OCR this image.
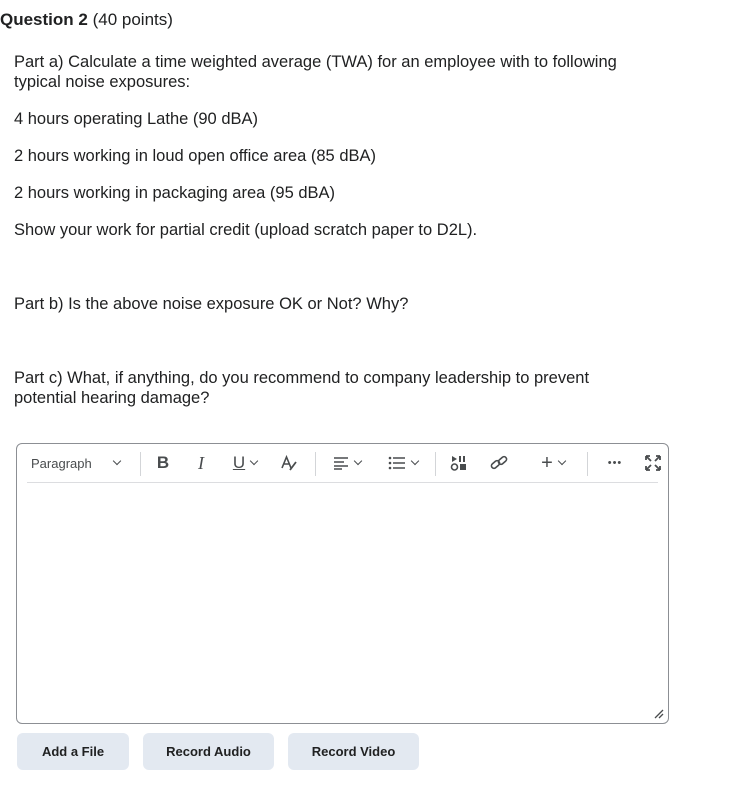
Question 2 (40 points)
Part a) Calculate a time weighted average (TWA) for an employee with to following
typical noise exposures:
4 hours operating Lathe (90 dBA)
2 hours working in loud open office area (85 dBA)
2 hours working in packaging area (95 dBA)
Show your work for partial credit (upload scratch paper to D2L).
Part b) Is the above noise exposure OK or Not? Why?
Part c) What, if anything, do you recommend to company leadership to prevent
potential hearing damage?
Paragraph	B	I	U	+	•••
Add a File	Record Audio	Record Video
